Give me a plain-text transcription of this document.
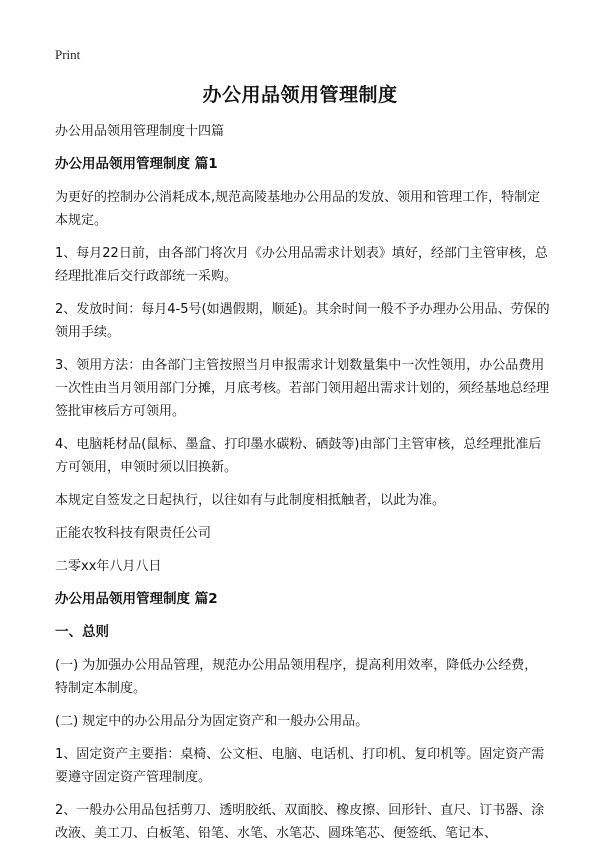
Print
办公用品领用管理制度

办公用品领用管理制度十四篇

办公用品领用管理制度 篇1

为更好的控制办公消耗成本,规范高陵基地办公用品的发放、领用和管理工作，特制定本规定。

1、每月22日前，由各部门将次月《办公用品需求计划表》填好，经部门主管审核，总经理批准后交行政部统一采购。

2、发放时间：每月4-5号(如遇假期，顺延)。其余时间一般不予办理办公用品、劳保的领用手续。

3、领用方法：由各部门主管按照当月申报需求计划数量集中一次性领用，办公品费用一次性由当月领用部门分摊，月底考核。若部门领用超出需求计划的，须经基地总经理签批审核后方可领用。

4、电脑耗材品(鼠标、墨盒、打印墨水碳粉、硒鼓等)由部门主管审核，总经理批准后方可领用，申领时须以旧换新。

本规定自签发之日起执行，以往如有与此制度相抵触者，以此为准。

正能农牧科技有限责任公司

二零xx年八月八日

办公用品领用管理制度 篇2

一、总则

(一) 为加强办公用品管理，规范办公用品领用程序，提高利用效率，降低办公经费，特制定本制度。

(二) 规定中的办公用品分为固定资产和一般办公用品。

1、固定资产主要指：桌椅、公文柜、电脑、电话机、打印机、复印机等。固定资产需要遵守固定资产管理制度。

2、一般办公用品包括剪刀、透明胶纸、双面胶、橡皮擦、回形针、直尺、订书器、涂改液、美工刀、白板笔、铅笔、水笔、水笔芯、圆珠笔芯、便签纸、笔记本、
